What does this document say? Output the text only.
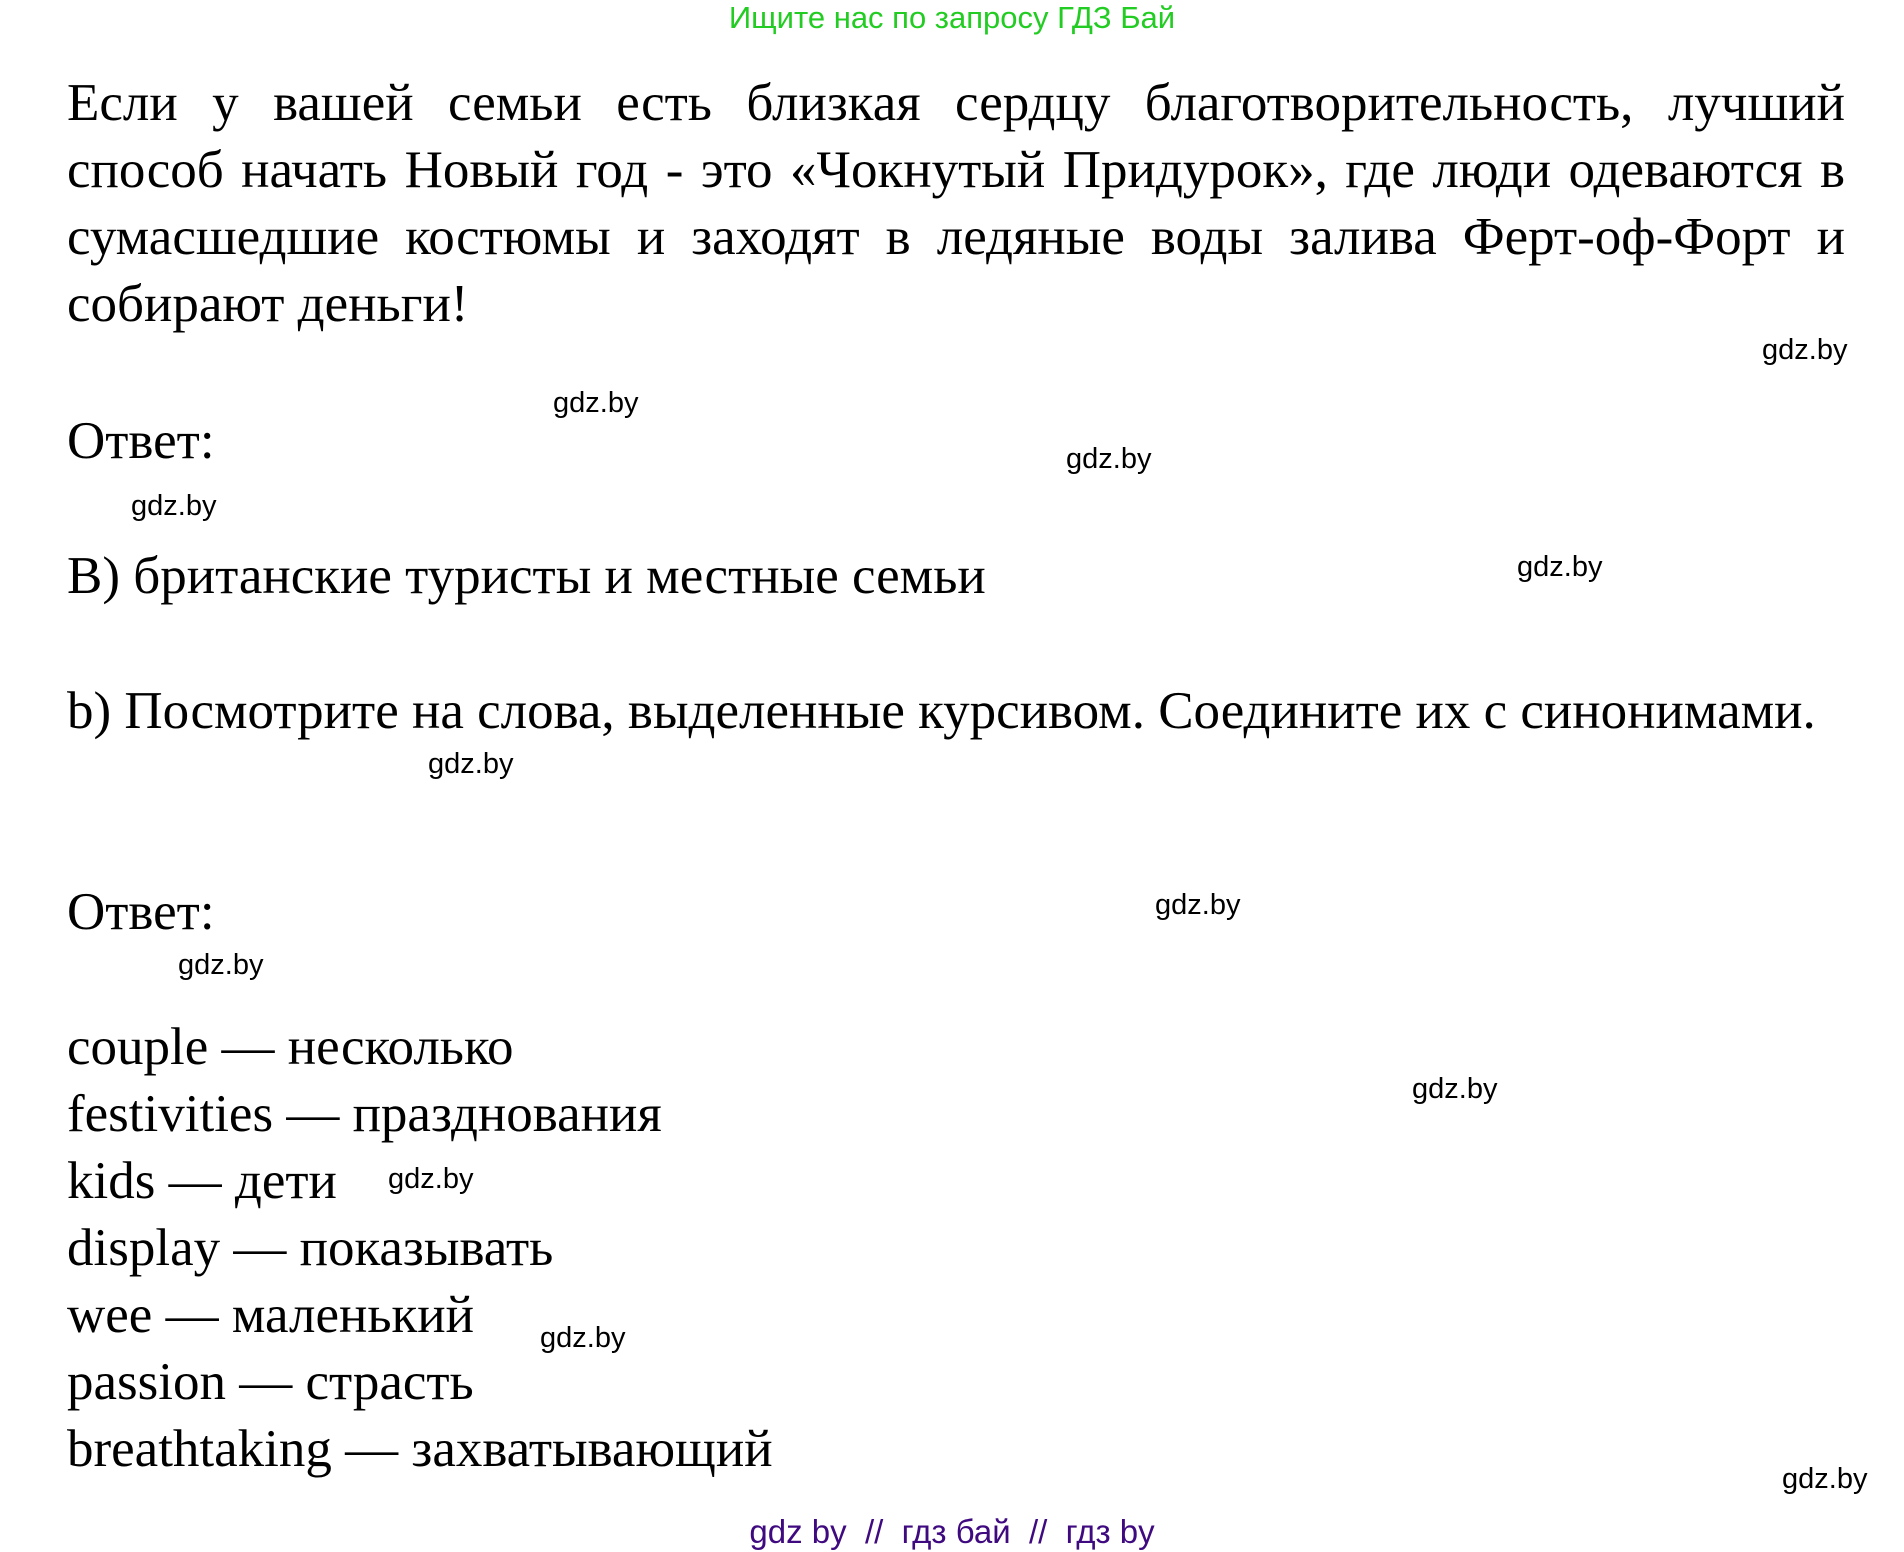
Ищите нас по запросу ГДЗ Бай
Если у вашей семьи есть близкая сердцу благотворительность, лучший способ начать Новый год - это «Чокнутый Придурок», где люди одеваются в сумасшедшие костюмы и заходят в ледяные воды залива Ферт-оф-Форт и собирают деньги!
Ответ:
B) британские туристы и местные семьи
b) Посмотрите на слова, выделенные курсивом. Соедините их с синонимами.
Ответ:
couple — несколько
festivities — празднования
kids — дети
display — показывать
wee — маленький
passion — страсть
breathtaking — захватывающий
gdz.by
gdz.by
gdz.by
gdz.by
gdz.by
gdz.by
gdz.by
gdz.by
gdz.by
gdz.by
gdz.by
gdz.by
gdz by  //  гдз бай  //  гдз by
